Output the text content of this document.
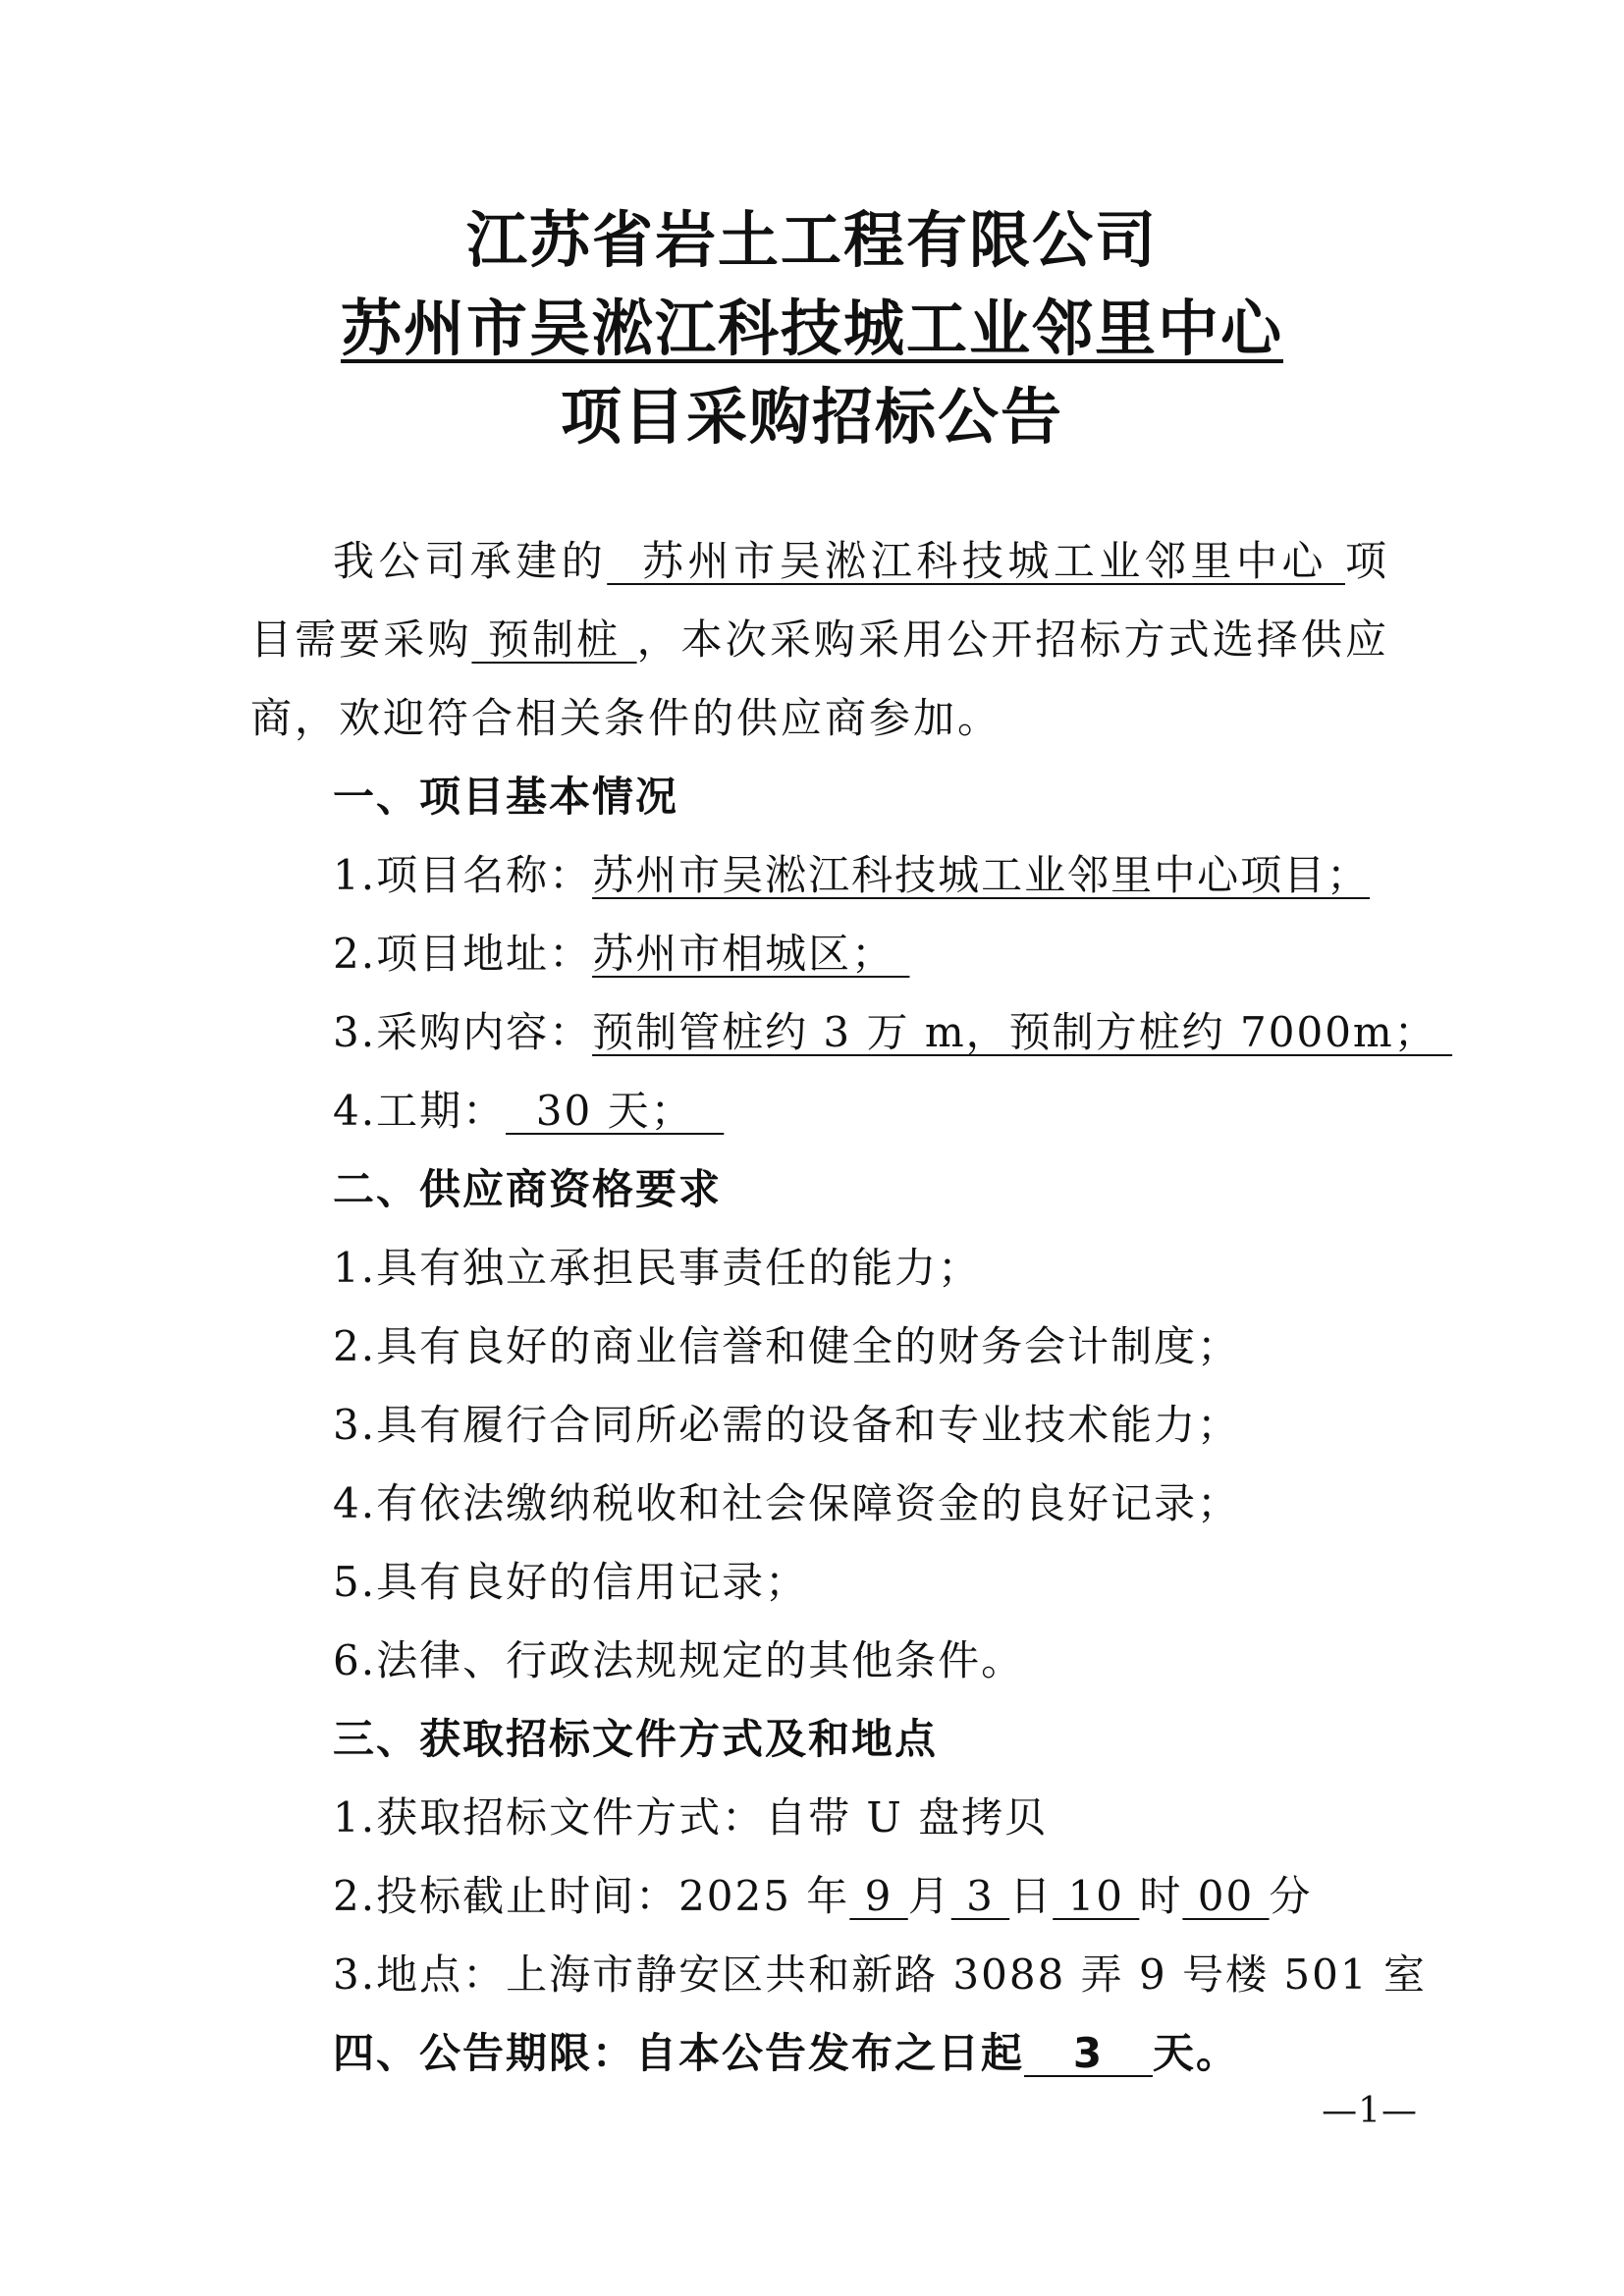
江苏省岩土工程有限公司
苏州市吴淞江科技城工业邻里中心
项目采购招标公告
我公司承建的  苏州市吴淞江科技城工业邻里中心 项目需要采购 预制桩 ，本次采购采用公开招标方式选择供应商，欢迎符合相关条件的供应商参加。
一、项目基本情况
1.项目名称：苏州市吴淞江科技城工业邻里中心项目；
2.项目地址：苏州市相城区；
3.采购内容：预制管桩约 3 万 m，预制方桩约 7000m；
4.工期：  30 天；
二、供应商资格要求
1.具有独立承担民事责任的能力；
2.具有良好的商业信誉和健全的财务会计制度；
3.具有履行合同所必需的设备和专业技术能力；
4.有依法缴纳税收和社会保障资金的良好记录；
5.具有良好的信用记录；
6.法律、行政法规规定的其他条件。
三、获取招标文件方式及和地点
1.获取招标文件方式：自带 U 盘拷贝
2.投标截止时间：2025 年 9 月 3 日 10 时 00 分
3.地点：上海市静安区共和新路 3088 弄 9 号楼 501 室
四、公告期限：自本公告发布之日起   3   天。
—1—
